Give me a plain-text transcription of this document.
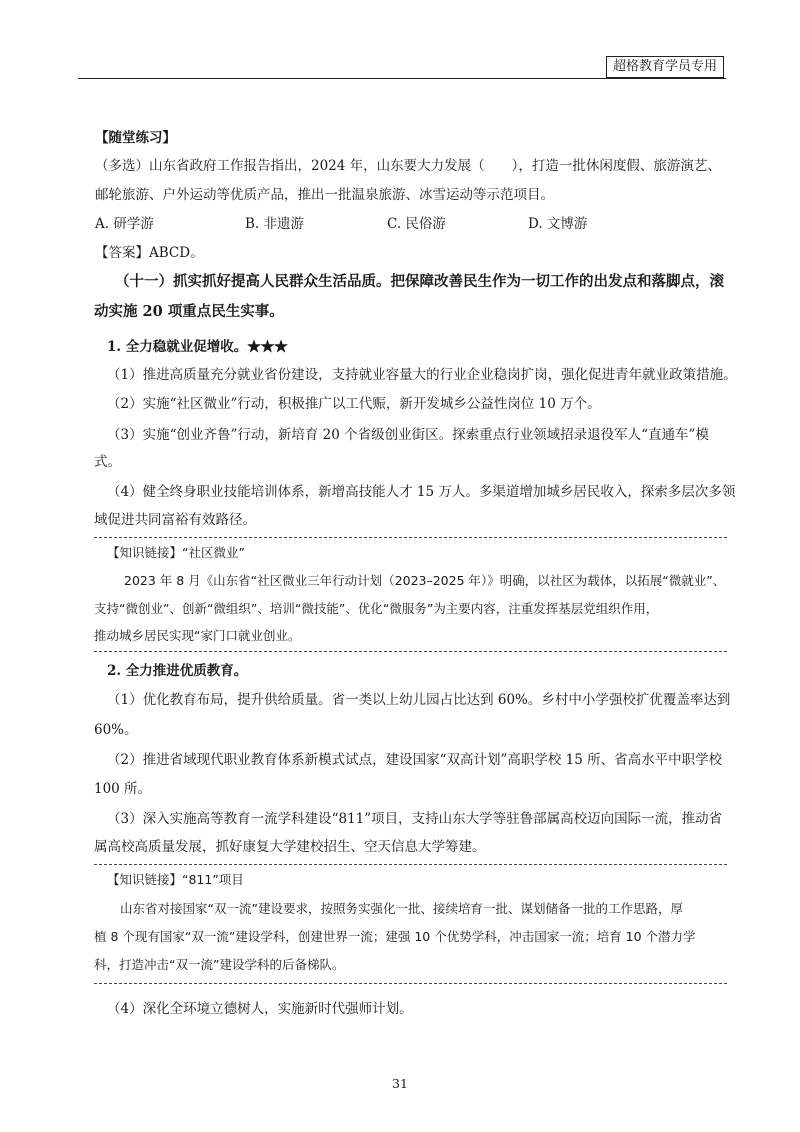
超格教育学员专用
【随堂练习】
（多选）山东省政府工作报告指出，2024 年，山东要大力发展（　　），打造一批休闲度假、旅游演艺、
邮轮旅游、户外运动等优质产品，推出一批温泉旅游、冰雪运动等示范项目。
A. 研学游	B. 非遗游	C. 民俗游	D. 文博游
【答案】ABCD。
（十一）抓实抓好提高人民群众生活品质。把保障改善民生作为一切工作的出发点和落脚点，滚
动实施 20 项重点民生实事。
1. 全力稳就业促增收。★★★
（1）推进高质量充分就业省份建设，支持就业容量大的行业企业稳岗扩岗，强化促进青年就业政策措施。
（2）实施“社区微业”行动，积极推广以工代赈，新开发城乡公益性岗位 10 万个。
（3）实施“创业齐鲁”行动，新培育 20 个省级创业街区。探索重点行业领域招录退役军人“直通车”模
式。
（4）健全终身职业技能培训体系，新增高技能人才 15 万人。多渠道增加城乡居民收入，探索多层次多领
域促进共同富裕有效路径。
【知识链接】“社区微业”
2023 年 8 月《山东省“社区微业三年行动计划（2023–2025 年）》明确，以社区为载体，以拓展“微就业”、
支持“微创业”、创新“微组织”、培训“微技能”、优化“微服务”为主要内容，注重发挥基层党组织作用，
推动城乡居民实现“家门口就业创业。
2. 全力推进优质教育。
（1）优化教育布局，提升供给质量。省一类以上幼儿园占比达到 60%。乡村中小学强校扩优覆盖率达到
60%。
（2）推进省域现代职业教育体系新模式试点，建设国家“双高计划”高职学校 15 所、省高水平中职学校
100 所。
（3）深入实施高等教育一流学科建设“811”项目，支持山东大学等驻鲁部属高校迈向国际一流，推动省
属高校高质量发展，抓好康复大学建校招生、空天信息大学筹建。
【知识链接】“811”项目
山东省对接国家“双一流”建设要求，按照务实强化一批、接续培育一批、谋划储备一批的工作思路，厚
植 8 个现有国家“双一流”建设学科，创建世界一流；建强 10 个优势学科，冲击国家一流；培育 10 个潜力学
科，打造冲击“双一流”建设学科的后备梯队。
（4）深化全环境立德树人，实施新时代强师计划。
31
